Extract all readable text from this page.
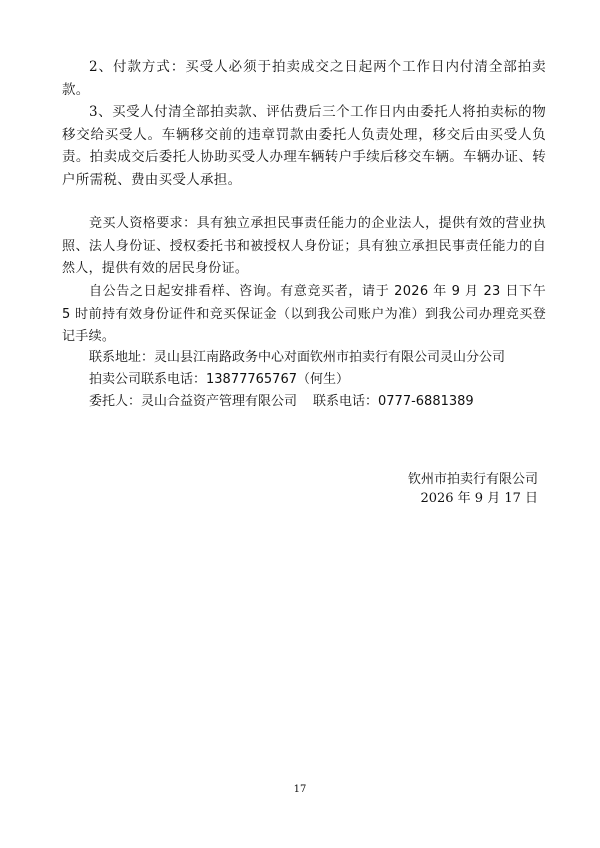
2、付款方式：买受人必须于拍卖成交之日起两个工作日内付清全部拍卖款。

3、买受人付清全部拍卖款、评估费后三个工作日内由委托人将拍卖标的物移交给买受人。车辆移交前的违章罚款由委托人负责处理，移交后由买受人负责。拍卖成交后委托人协助买受人办理车辆转户手续后移交车辆。车辆办证、转户所需税、费由买受人承担。

竞买人资格要求：具有独立承担民事责任能力的企业法人，提供有效的营业执照、法人身份证、授权委托书和被授权人身份证；具有独立承担民事责任能力的自然人，提供有效的居民身份证。

自公告之日起安排看样、咨询。有意竞买者，请于 2026 年 9 月 23 日下午 5 时前持有效身份证件和竞买保证金（以到我公司账户为准）到我公司办理竞买登记手续。

联系地址：灵山县江南路政务中心对面钦州市拍卖行有限公司灵山分公司
拍卖公司联系电话：13877765767（何生）
委托人：灵山合益资产管理有限公司 联系电话：0777-6881389
钦州市拍卖行有限公司
2026 年 9 月 17 日
17
